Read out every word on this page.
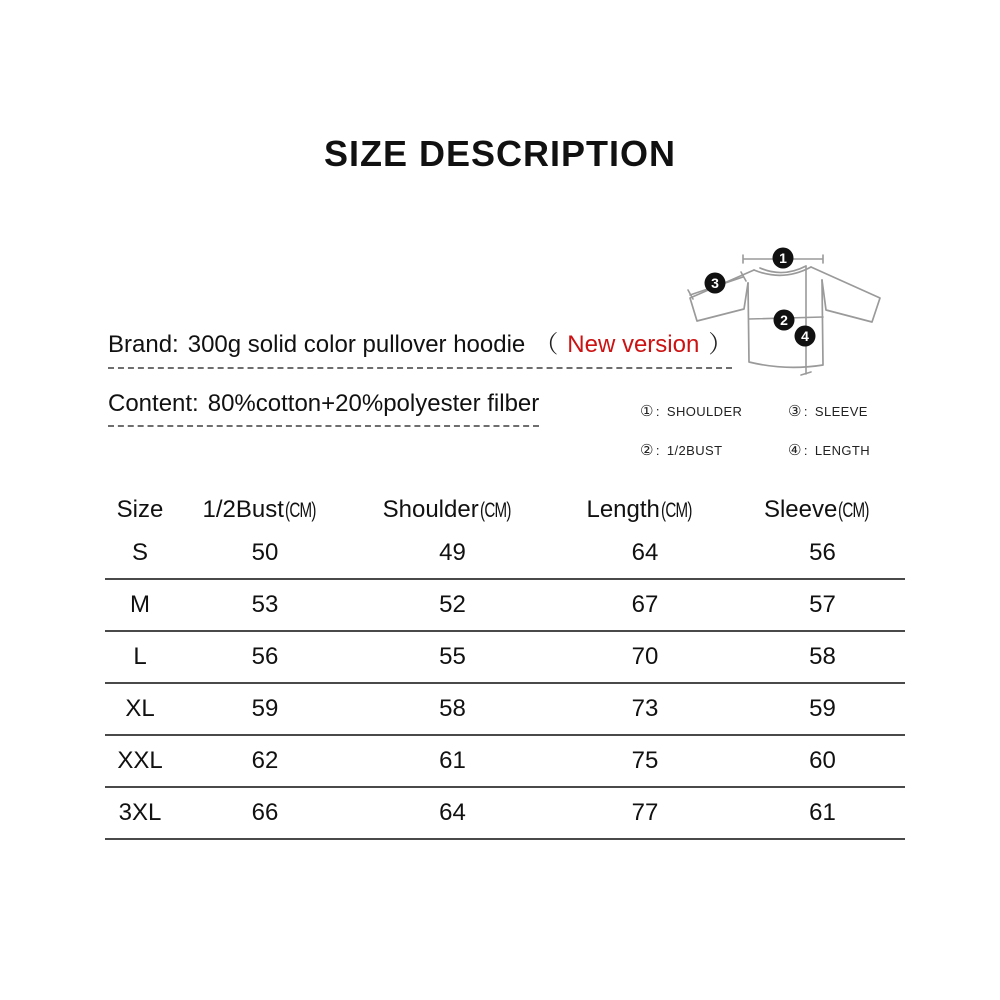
SIZE DESCRIPTION
Brand: 300g solid color pullover hoodie （ New version ）
Content: 80%cotton+20%polyester filber
1
3
2
4
① : SHOULDER	③ : SLEEVE
② : 1/2BUST	④ : LENGTH
Size	1/2Bust(CM)	Shoulder(CM)	Length(CM)	Sleeve(CM)
S	50	49	64	56
M	53	52	67	57
L	56	55	70	58
XL	59	58	73	59
XXL	62	61	75	60
3XL	66	64	77	61
